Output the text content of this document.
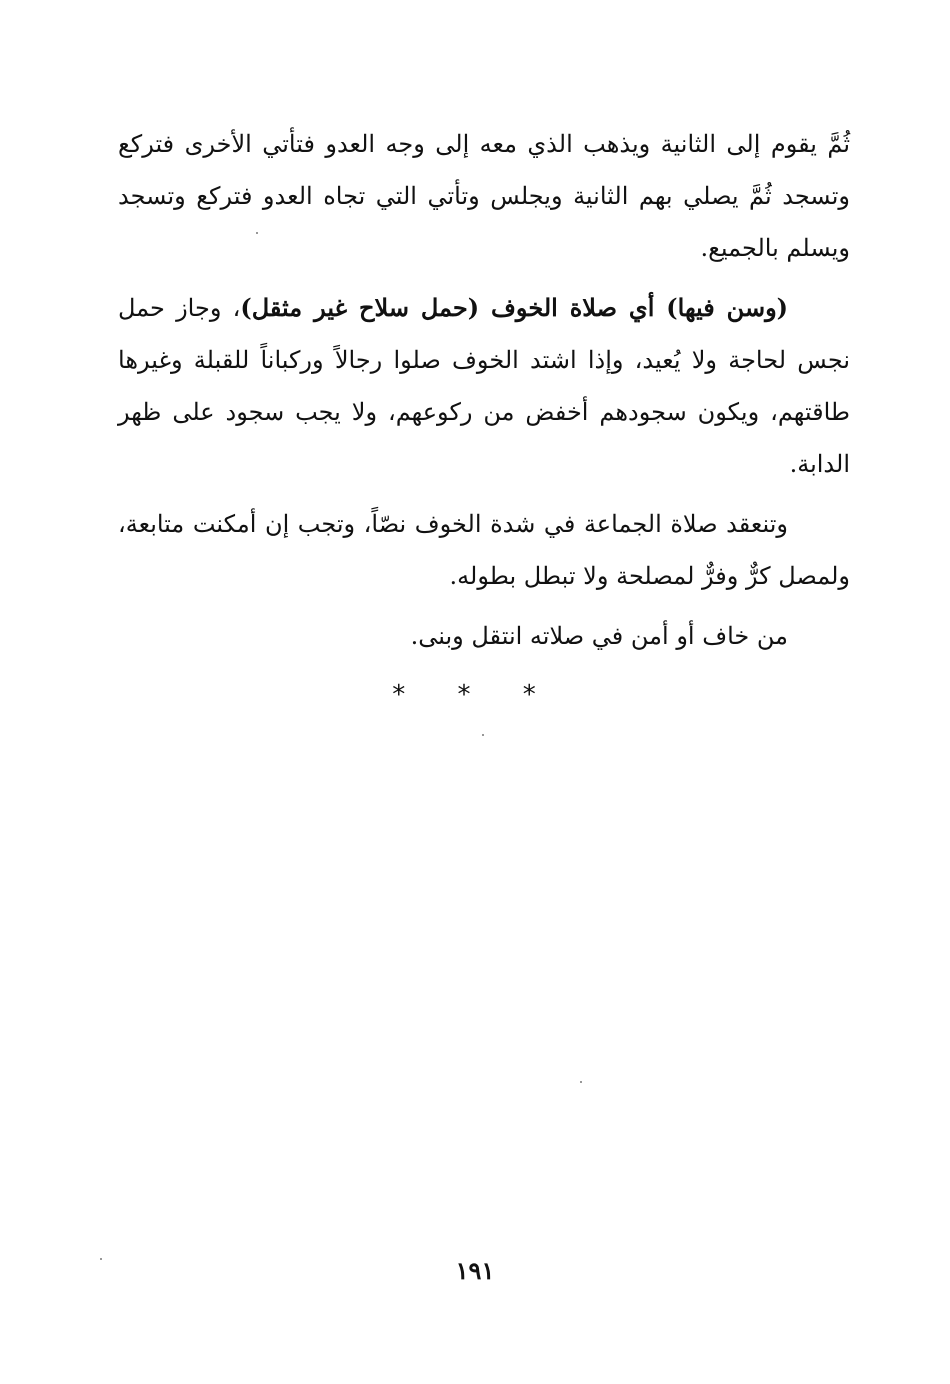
ثُمَّ يقوم إلى الثانية ويذهب الذي معه إلى وجه العدو فتأتي الأخرى فتركع وتسجد ثُمَّ يصلي بهم الثانية ويجلس وتأتي التي تجاه العدو فتركع وتسجد ويسلم بالجميع.

(وسن فيها) أي صلاة الخوف (حمل سلاح غير مثقل)، وجاز حمل نجس لحاجة ولا يُعيد، وإذا اشتد الخوف صلوا رجالاً وركباناً للقبلة وغيرها طاقتهم، ويكون سجودهم أخفض من ركوعهم، ولا يجب سجود على ظهر الدابة.

وتنعقد صلاة الجماعة في شدة الخوف نصّاً، وتجب إن أمكنت متابعة، ولمصل كرٌّ وفرٌّ لمصلحة ولا تبطل بطوله.

من خاف أو أمن في صلاته انتقل وبنى.

* * *
١٩١
